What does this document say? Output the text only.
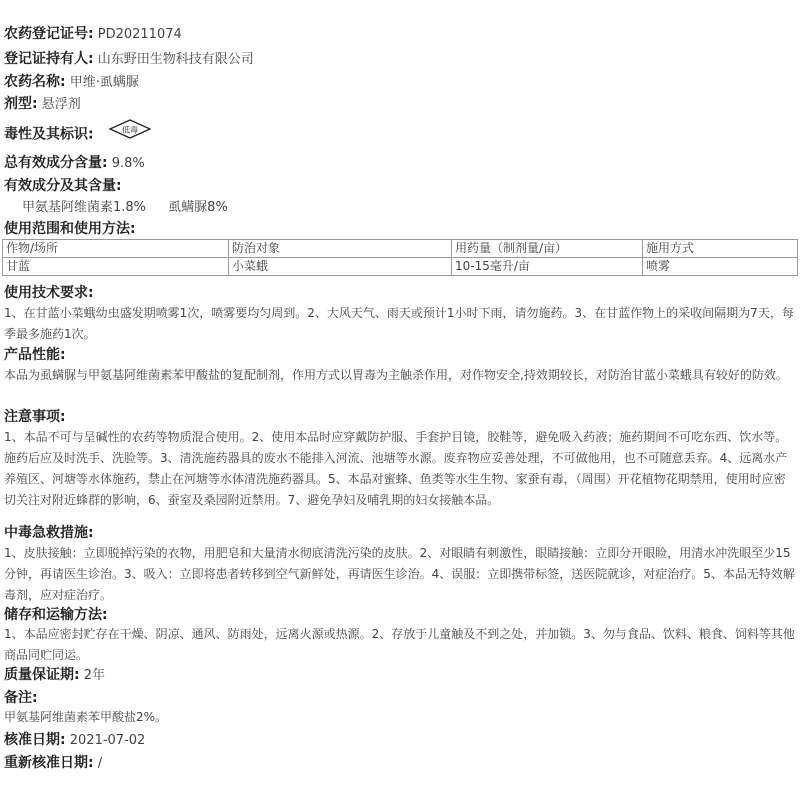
农药登记证号: PD20211074
登记证持有人: 山东野田生物科技有限公司
农药名称: 甲维·虱螨脲
剂型: 悬浮剂
毒性及其标识:	低毒
总有效成分含量: 9.8%
有效成分及其含量:
甲氨基阿维菌素1.8% 虱螨脲8%
使用范围和使用方法:
作物/场所	防治对象	用药量（制剂量/亩）	施用方式
甘蓝	小菜蛾	10-15毫升/亩	喷雾
使用技术要求:
1、在甘蓝小菜蛾幼虫盛发期喷雾1次，喷雾要均匀周到。2、大风天气、雨天或预计1小时下雨，请勿施药。3、在甘蓝作物上的采收间隔期为7天，每季最多施药1次。
产品性能:
本品为虱螨脲与甲氨基阿维菌素苯甲酸盐的复配制剂，作用方式以胃毒为主触杀作用，对作物安全,持效期较长，对防治甘蓝小菜蛾具有较好的防效。
注意事项:
1、本品不可与呈碱性的农药等物质混合使用。2、使用本品时应穿戴防护服、手套护目镜，胶鞋等，避免吸入药液；施药期间不可吃东西、饮水等。施药后应及时洗手、洗脸等。3、清洗施药器具的废水不能排入河流、池塘等水源。废弃物应妥善处理，不可做他用，也不可随意丢弃。4、远离水产养殖区、河塘等水体施药，禁止在河塘等水体清洗施药器具。5、本品对蜜蜂、鱼类等水生生物、家蚕有毒，（周围）开花植物花期禁用，使用时应密切关注对附近蜂群的影响，6、蚕室及桑园附近禁用。7、避免孕妇及哺乳期的妇女接触本品。
中毒急救措施:
1、皮肤接触：立即脱掉污染的衣物，用肥皂和大量清水彻底清洗污染的皮肤。2、对眼睛有刺激性，眼睛接触：立即分开眼睑，用清水冲洗眼至少15分钟，再请医生诊治。3、吸入：立即将患者转移到空气新鲜处，再请医生诊治。4、误服：立即携带标签，送医院就诊，对症治疗。5、本品无特效解毒剂，应对症治疗。
储存和运输方法:
1、本品应密封贮存在干燥、阴凉、通风、防雨处，远离火源或热源。2、存放于儿童触及不到之处，并加锁。3、勿与食品、饮料、粮食、饲料等其他商品同贮同运。
质量保证期: 2年
备注:
甲氨基阿维菌素苯甲酸盐2%。
核准日期: 2021-07-02
重新核准日期: /
